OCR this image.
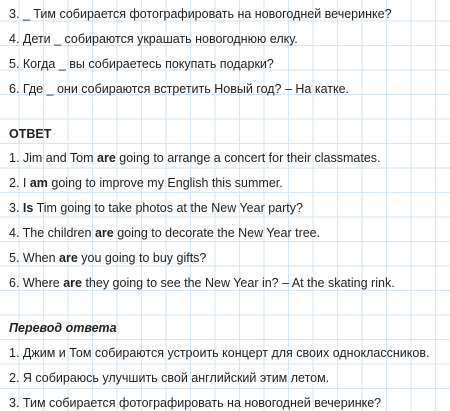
3. _ Тим собирается фотографировать на новогодней вечеринке?
4. Дети _ собираются украшать новогоднюю елку.
5. Когда _ вы собираетесь покупать подарки?
6. Где _ они собираются встретить Новый год? – На катке.
ОТВЕТ
1. Jim and Tom are going to arrange a concert for their classmates.
2. I am going to improve my English this summer.
3. Is Tim going to take photos at the New Year party?
4. The children are going to decorate the New Year tree.
5. When are you going to buy gifts?
6. Where are they going to see the New Year in? – At the skating rink.
Перевод ответа
1. Джим и Том собираются устроить концерт для своих одноклассников.
2. Я собираюсь улучшить свой английский этим летом.
3. Тим собирается фотографировать на новогодней вечеринке?
